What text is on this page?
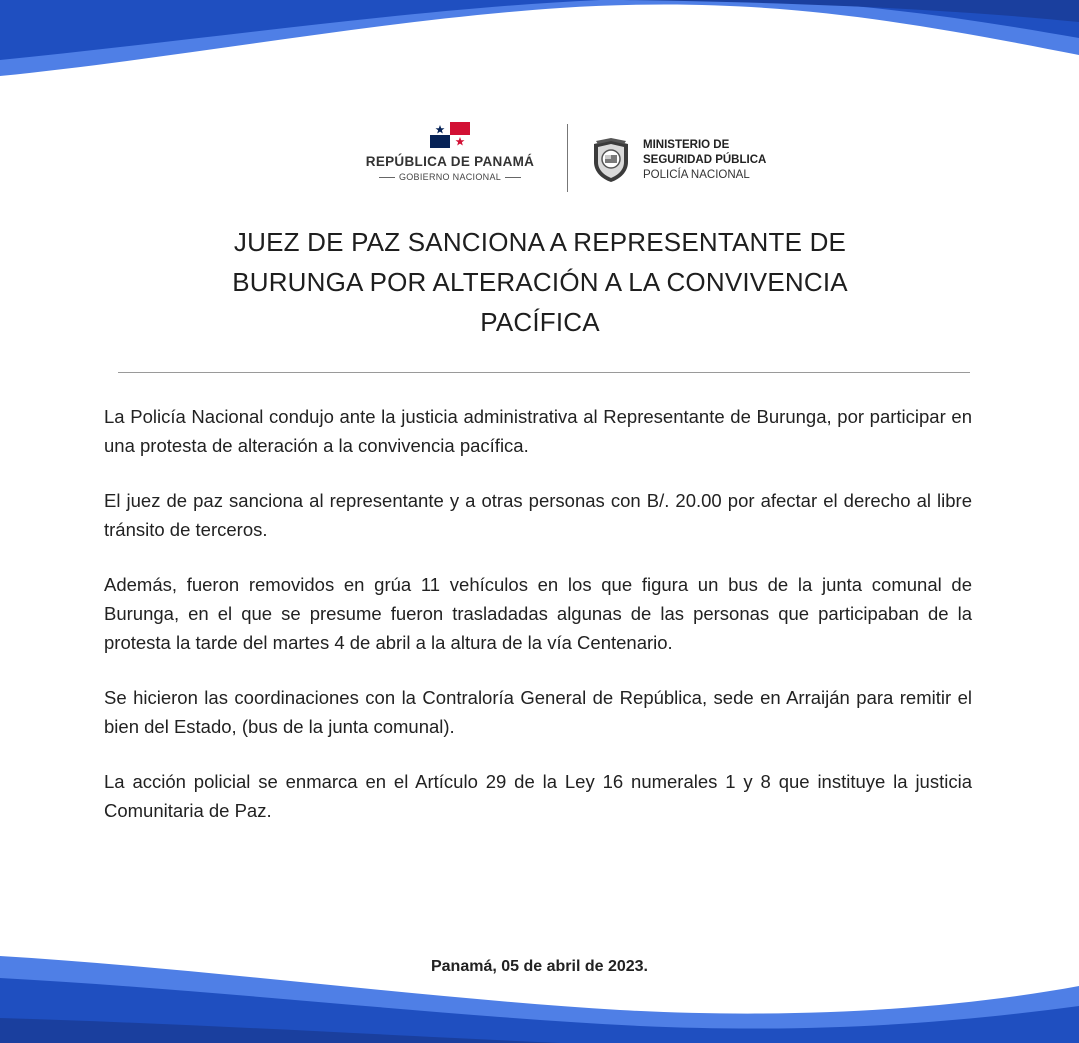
REPÚBLICA DE PANAMÁ
GOBIERNO NACIONAL
MINISTERIO DE
SEGURIDAD PÚBLICA
POLICÍA NACIONAL
JUEZ DE PAZ SANCIONA A REPRESENTANTE DE
BURUNGA POR ALTERACIÓN A LA CONVIVENCIA
PACÍFICA

La Policía Nacional condujo ante la justicia administrativa al Representante de Burunga, por participar en una protesta de alteración a la convivencia pacífica.

El juez de paz sanciona al representante y a otras personas con B/. 20.00 por afectar el derecho al libre tránsito de terceros.

Además, fueron removidos en grúa 11 vehículos en los que figura un bus de la junta comunal de Burunga, en el que se presume fueron trasladadas algunas de las personas que participaban de la protesta la tarde del martes 4 de abril a la altura de la vía Centenario.

Se hicieron las coordinaciones con la Contraloría General de República, sede en Arraiján para remitir el bien del Estado, (bus de la junta comunal).

La acción policial se enmarca en el Artículo 29 de la Ley 16 numerales 1 y 8 que instituye la justicia Comunitaria de Paz.

Panamá, 05 de abril de 2023.
